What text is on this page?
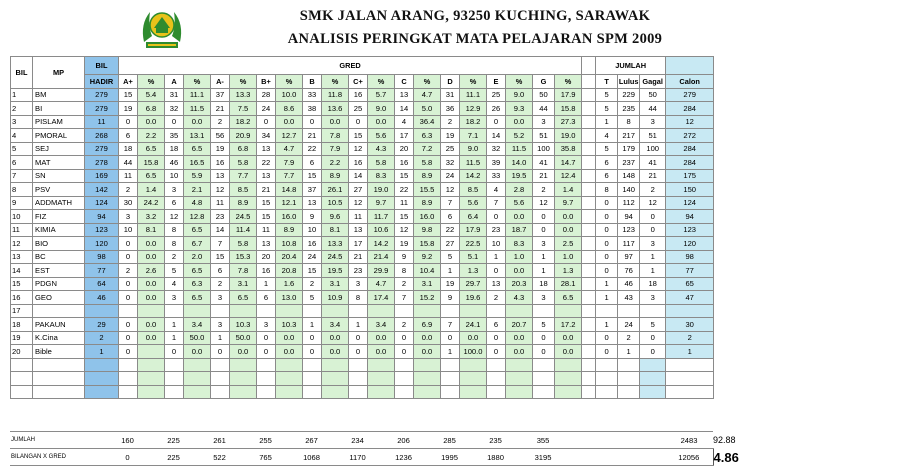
SMK JALAN ARANG, 93250 KUCHING, SARAWAK
ANALISIS PERINGKAT MATA PELAJARAN SPM 2009
BIL	MP	BIL	GRED																					JUMLAH		
		HADIR	A+	%	A	%	A-	%	B+	%	B	%	C+	%	C	%	D	%	E	%	G	%		T	Lulus	Gagal	Calon	
1	BM	279	15	5.4	31	11.1	37	13.3	28	10.0	33	11.8	16	5.7	13	4.7	31	11.1	25	9.0	50	17.9		5	229	50	279	
2	BI	279	19	6.8	32	11.5	21	7.5	24	8.6	38	13.6	25	9.0	14	5.0	36	12.9	26	9.3	44	15.8		5	235	44	284	
3	PISLAM	11	0	0.0	0	0.0	2	18.2	0	0.0	0	0.0	0	0.0	4	36.4	2	18.2	0	0.0	3	27.3		1	8	3	12	
4	PMORAL	268	6	2.2	35	13.1	56	20.9	34	12.7	21	7.8	15	5.6	17	6.3	19	7.1	14	5.2	51	19.0		4	217	51	272	
5	SEJ	279	18	6.5	18	6.5	19	6.8	13	4.7	22	7.9	12	4.3	20	7.2	25	9.0	32	11.5	100	35.8		5	179	100	284	
6	MAT	278	44	15.8	46	16.5	16	5.8	22	7.9	6	2.2	16	5.8	16	5.8	32	11.5	39	14.0	41	14.7		6	237	41	284	
7	SN	169	11	6.5	10	5.9	13	7.7	13	7.7	15	8.9	14	8.3	15	8.9	24	14.2	33	19.5	21	12.4		6	148	21	175	
8	PSV	142	2	1.4	3	2.1	12	8.5	21	14.8	37	26.1	27	19.0	22	15.5	12	8.5	4	2.8	2	1.4		8	140	2	150	
9	ADDMATH	124	30	24.2	6	4.8	11	8.9	15	12.1	13	10.5	12	9.7	11	8.9	7	5.6	7	5.6	12	9.7		0	112	12	124	
10	FIZ	94	3	3.2	12	12.8	23	24.5	15	16.0	9	9.6	11	11.7	15	16.0	6	6.4	0	0.0	0	0.0		0	94	0	94	
11	KIMIA	123	10	8.1	8	6.5	14	11.4	11	8.9	10	8.1	13	10.6	12	9.8	22	17.9	23	18.7	0	0.0		0	123	0	123	
12	BIO	120	0	0.0	8	6.7	7	5.8	13	10.8	16	13.3	17	14.2	19	15.8	27	22.5	10	8.3	3	2.5		0	117	3	120	
13	BC	98	0	0.0	2	2.0	15	15.3	20	20.4	24	24.5	21	21.4	9	9.2	5	5.1	1	1.0	1	1.0		0	97	1	98	
14	EST	77	2	2.6	5	6.5	6	7.8	16	20.8	15	19.5	23	29.9	8	10.4	1	1.3	0	0.0	1	1.3		0	76	1	77	
15	PDGN	64	0	0.0	4	6.3	2	3.1	1	1.6	2	3.1	3	4.7	2	3.1	19	29.7	13	20.3	18	28.1		1	46	18	65	
16	GEO	46	0	0.0	3	6.5	3	6.5	6	13.0	5	10.9	8	17.4	7	15.2	9	19.6	2	4.3	3	6.5		1	43	3	47	
17																												
18	PAKAUN	29	0	0.0	1	3.4	3	10.3	3	10.3	1	3.4	1	3.4	2	6.9	7	24.1	6	20.7	5	17.2		1	24	5	30	
19	K.Cina	2	0	0.0	1	50.0	1	50.0	0	0.0	0	0.0	0	0.0	0	0.0	0	0.0	0	0.0	0	0.0		0	2	0	2	
20	Bible	1	0		0	0.0	0	0.0	0	0.0	0	0.0	0	0.0	0	0.0	1	100.0	0	0.0	0	0.0		0	1	0	1	

JUMLAH	160		225		261		255		267		234		206		285		235		355						2483	92.88
BILANGAN X GRED	0		225		522		765		1068		1170		1236		1995		1880		3195						12056	4.86
